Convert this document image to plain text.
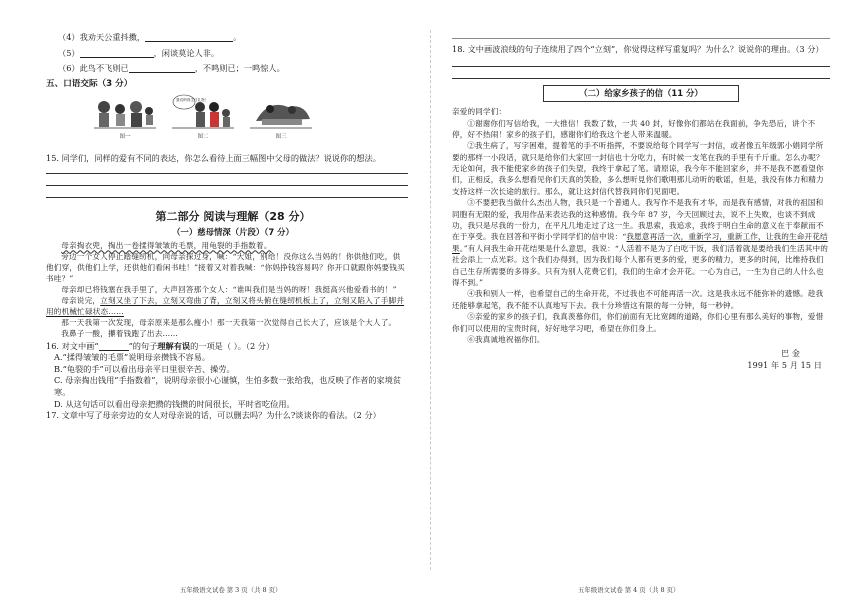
（4）我劝天公重抖擞，	。

（5）	，闲谈莫论人非。

（6）此鸟不飞则已	，不鸣则已；一鸣惊人。

五、口语交际（3 分）
图一
我们纳得生日礼物！
图二	图三

15. 同学们，同样的爱有不同的表达，你怎么看待上面三幅图中父母的做法？说说你的想法。

第二部分 阅读与理解（28 分）
（一）慈母情深（片段）（7 分）

母亲掏衣兜，掏出一卷揉得皱皱的毛票，用龟裂的手指数着。

旁边一个女人停止踏缝纫机，向母亲探过身，喊：“大姐，别给！没你这么当妈的！你供他们吃，供他们穿，供他们上学，还供他们看闲书哇！”接着又对着我喊：“你妈挣钱容易吗？你开口就跟你妈要钱买书哇？”

母亲却已将钱塞在我手里了，大声回答那个女人：“谁叫我们是当妈的呀！我挺高兴他爱看书的！”

母亲说完，立刻又坐了下去，立刻又弯曲了背，立刻又将头俯在缝纫机板上了，立刻又陷入了手脚并用的机械忙碌状态……

那一天我第一次发现，母亲原来是那么瘦小！那一天我第一次觉得自己长大了，应该是个大人了。

我鼻子一酸，攥着钱跑了出去……

16. 对文中画“	”的句子理解有误的一项是（ ）。（2 分）

A.“揉得皱皱的毛票”说明母亲攒钱不容易。

B.“龟裂的手”可以看出母亲平日里很辛苦、操劳。

C. 母亲掏出钱用“手指数着”，说明母亲很小心谨慎，生怕多数一张给我，也反映了作者的家境贫寒。

D. 从这句话可以看出母亲把攒的钱攒的时间很长，平时省吃俭用。

17. 文章中写了母亲旁边的女人对母亲说的话，可以删去吗？为什么?谈谈你的看法。（2 分）

五年级语文试卷 第 3 页（共 8 页）

18. 文中画波浪线的句子连续用了四个“立刻”，你觉得这样写重复吗？为什么？说说你的理由。（3 分）

（二）给家乡孩子的信（11 分）

亲爱的同学们：

①谢谢你们写信给我，一大推信！我数了数，一共 40 封，好像你们都站在我面前，争先恐后，讲个不停，好不热闹！家乡的孩子们，感谢你们给我这个老人带来温暖。

②我生病了，写字困难，提着笔的手不听指挥，不要说给每个同学写一封信，或者像五年级郭小娟同学所要的那样一小段话，就只是给你们大家回一封信也十分吃力，有时候一支笔在我的手里有千斤重。怎么办呢？无论如何，我不能使家乡的孩子们失望，我终于拿起了笔。请原谅，我今年不能回家乡，并不是我不愿看望你们，正相反，我多么想看见你们天真的笑脸，多么想听見你们歌唱那儿动听的歌谣，但是，我没有体力和精力支持这样一次长途的旅行。那么，就让这封信代替我同你们见面吧。

③不要把我当做什么杰出人物，我只是一个普通人。我写作不是我有才华，而是我有感情，对我的祖国和同胞有无限的爱，我用作品来表达我的这种感情。我今年 87 岁，今天回顾过去，说不上失败，也谈不到成功，我只是尽我的一份力，在平凡几地走过了这一生。我思索，我追求，我终于明白生命的意义在于奉献而不在于享受。我在回答和平街小学同学们的信中说：“我愿意再活一次，重新学习，重新工作，让我的生命开花结果。”有人问我生命开花结果是什么意思，我说：“人活着不是为了白吃干饭，我们活着就是要给我们生活其中的社会添上一点光彩。这个我们办得到，因为我们每个人都有更多的爱，更多的精力，更多的时间，比维持我们自己生存所需要的多得多。只有为别人花费它们，我们的生命才会开花。一心为自己，一生为自己的人什么也得不到。”

④我和别人一样，也希望自己的生命开花，不过我也不可能再活一次。这是我永远不能弥补的遗憾。趁我还能够拿起笔，我不能不认真地写下去。我十分珍惜这有限的每一分钟，每一秒钟。

⑤亲爱的家乡的孩子们，我真羡慕你们，你们前面有无比宽阔的道路，你们心里有那么美好的事物，爱惜你们可以使用的宝贵时间，好好地学习吧，希望在你们身上。

⑥我真诚地祝福你们。

巴 金

1991 年 5 月 15 日

五年级语文试卷 第 4 页（共 8 页）
